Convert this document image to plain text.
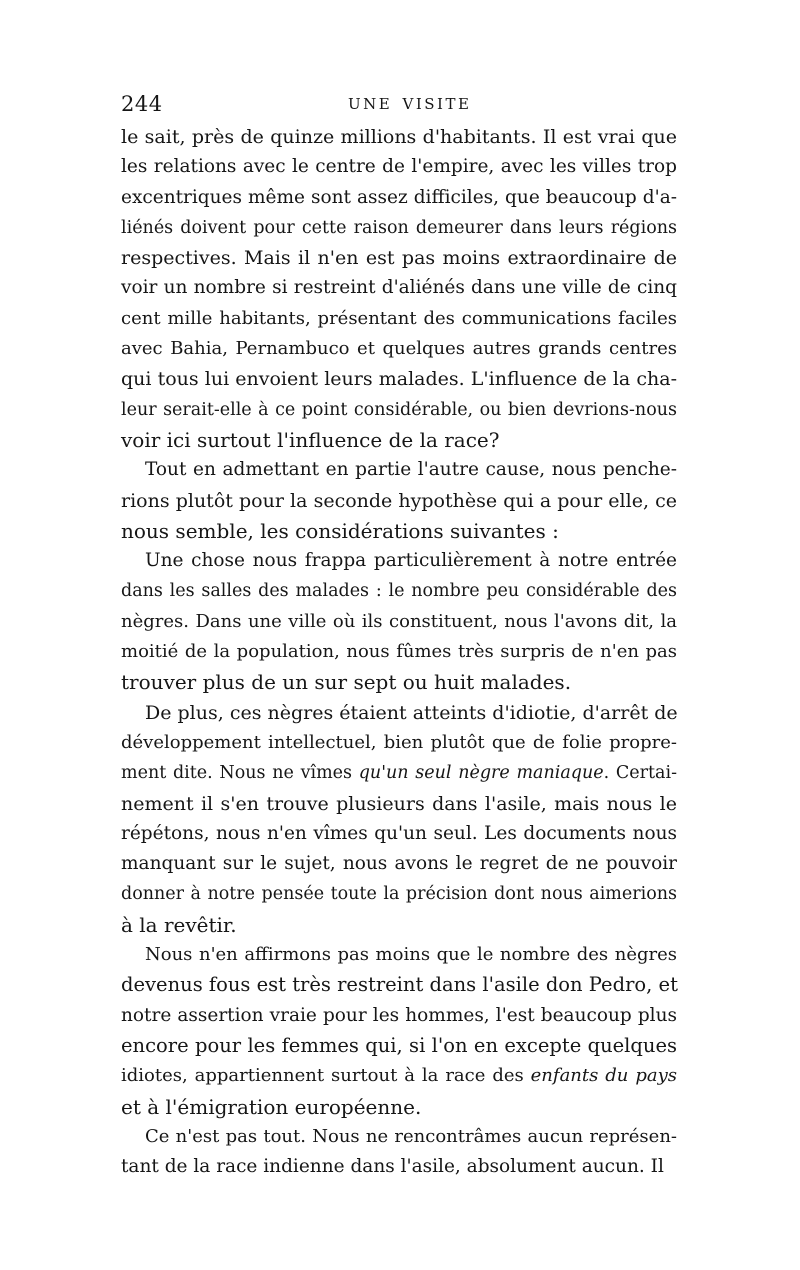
244	UNE VISITE

le sait, près de quinze millions d'habitants. Il est vrai que
les relations avec le centre de l'empire, avec les villes trop
excentriques même sont assez difficiles, que beaucoup d'a-
liénés doivent pour cette raison demeurer dans leurs régions
respectives. Mais il n'en est pas moins extraordinaire de
voir un nombre si restreint d'aliénés dans une ville de cinq
cent mille habitants, présentant des communications faciles
avec Bahia, Pernambuco et quelques autres grands centres
qui tous lui envoient leurs malades. L'influence de la cha-
leur serait-elle à ce point considérable, ou bien devrions-nous
voir ici surtout l'influence de la race?

Tout en admettant en partie l'autre cause, nous penche-
rions plutôt pour la seconde hypothèse qui a pour elle, ce
nous semble, les considérations suivantes :

Une chose nous frappa particulièrement à notre entrée
dans les salles des malades : le nombre peu considérable des
nègres. Dans une ville où ils constituent, nous l'avons dit, la
moitié de la population, nous fûmes très surpris de n'en pas
trouver plus de un sur sept ou huit malades.

De plus, ces nègres étaient atteints d'idiotie, d'arrêt de
développement intellectuel, bien plutôt que de folie propre-
ment dite. Nous ne vîmes qu'un seul nègre maniaque. Certai-
nement il s'en trouve plusieurs dans l'asile, mais nous le
répétons, nous n'en vîmes qu'un seul. Les documents nous
manquant sur le sujet, nous avons le regret de ne pouvoir
donner à notre pensée toute la précision dont nous aimerions
à la revêtir.

Nous n'en affirmons pas moins que le nombre des nègres
devenus fous est très restreint dans l'asile don Pedro, et
notre assertion vraie pour les hommes, l'est beaucoup plus
encore pour les femmes qui, si l'on en excepte quelques
idiotes, appartiennent surtout à la race des enfants du pays
et à l'émigration européenne.

Ce n'est pas tout. Nous ne rencontrâmes aucun représen-
tant de la race indienne dans l'asile, absolument aucun. Il
